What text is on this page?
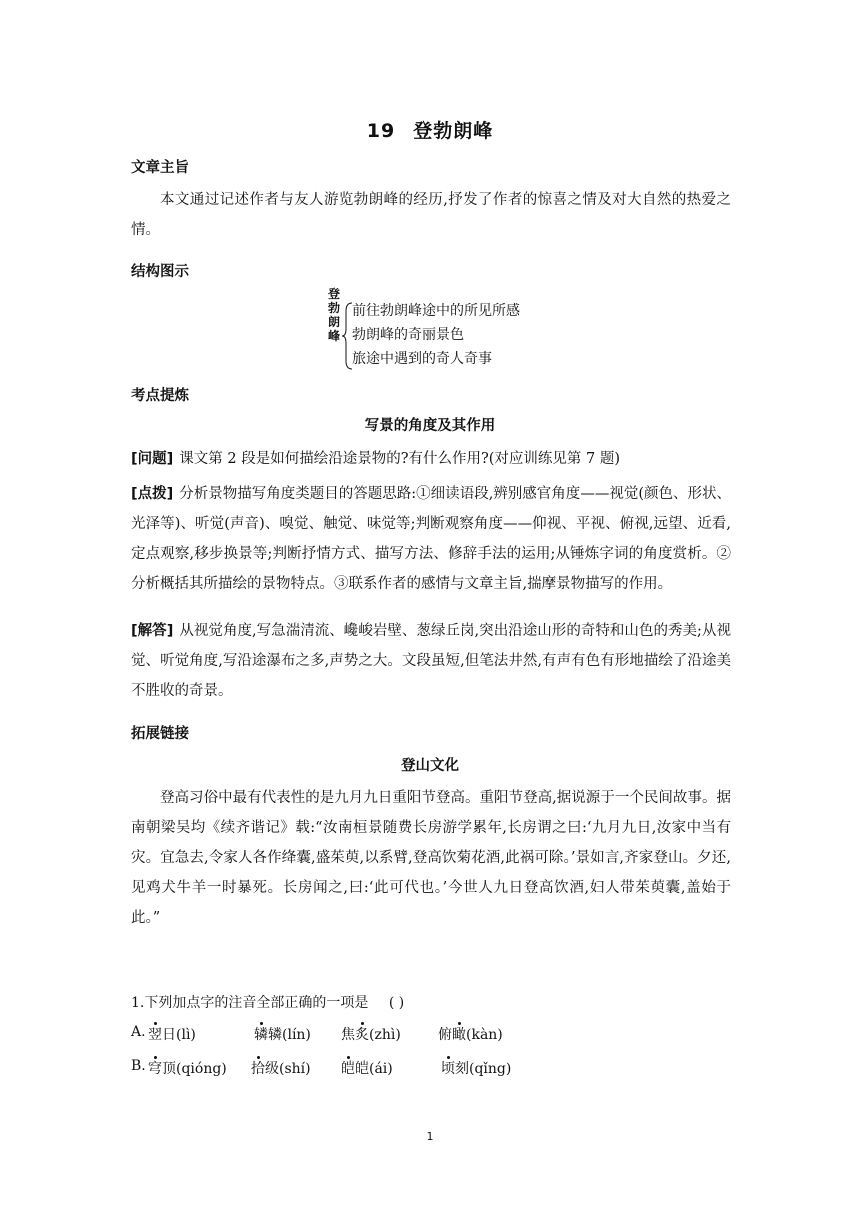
19 登勃朗峰
文章主旨
本文通过记述作者与友人游览勃朗峰的经历,抒发了作者的惊喜之情及对大自然的热爱之情。
结构图示
登
勃
朗
峰
前往勃朗峰途中的所见所感
勃朗峰的奇丽景色
旅途中遇到的奇人奇事
考点提炼
写景的角度及其作用
[问题] 课文第 2 段是如何描绘沿途景物的?有什么作用?(对应训练见第 7 题)
[点拨] 分析景物描写角度类题目的答题思路:①细读语段,辨别感官角度——视觉(颜色、形状、光泽等)、听觉(声音)、嗅觉、触觉、味觉等;判断观察角度——仰视、平视、俯视,远望、近看,定点观察,移步换景等;判断抒情方式、描写方法、修辞手法的运用;从锤炼字词的角度赏析。②分析概括其所描绘的景物特点。③联系作者的感情与文章主旨,揣摩景物描写的作用。
[解答] 从视觉角度,写急湍清流、巉峻岩壁、葱绿丘岗,突出沿途山形的奇特和山色的秀美;从视觉、听觉角度,写沿途瀑布之多,声势之大。文段虽短,但笔法井然,有声有色有形地描绘了沿途美不胜收的奇景。
拓展链接
登山文化
登高习俗中最有代表性的是九月九日重阳节登高。重阳节登高,据说源于一个民间故事。据南朝梁吴均《续齐谐记》载:“汝南桓景随费长房游学累年,长房谓之曰:‘九月九日,汝家中当有灾。宜急去,令家人各作绛囊,盛茱萸,以系臂,登高饮菊花酒,此祸可除。’景如言,齐家登山。夕还,见鸡犬牛羊一时暴死。长房闻之,曰:‘此可代也。’今世人九日登高饮酒,妇人带茱萸囊,盖始于此。”
1.下列加点字的注音全部正确的一项是 ( )
A. 翌日(lì)	辚辚(lín) 焦炙(zhì)	俯瞰(kàn)
B. 穹顶(qióng) 拾级(shí) 皑皑(ái)	顷刻(qǐng)
1
